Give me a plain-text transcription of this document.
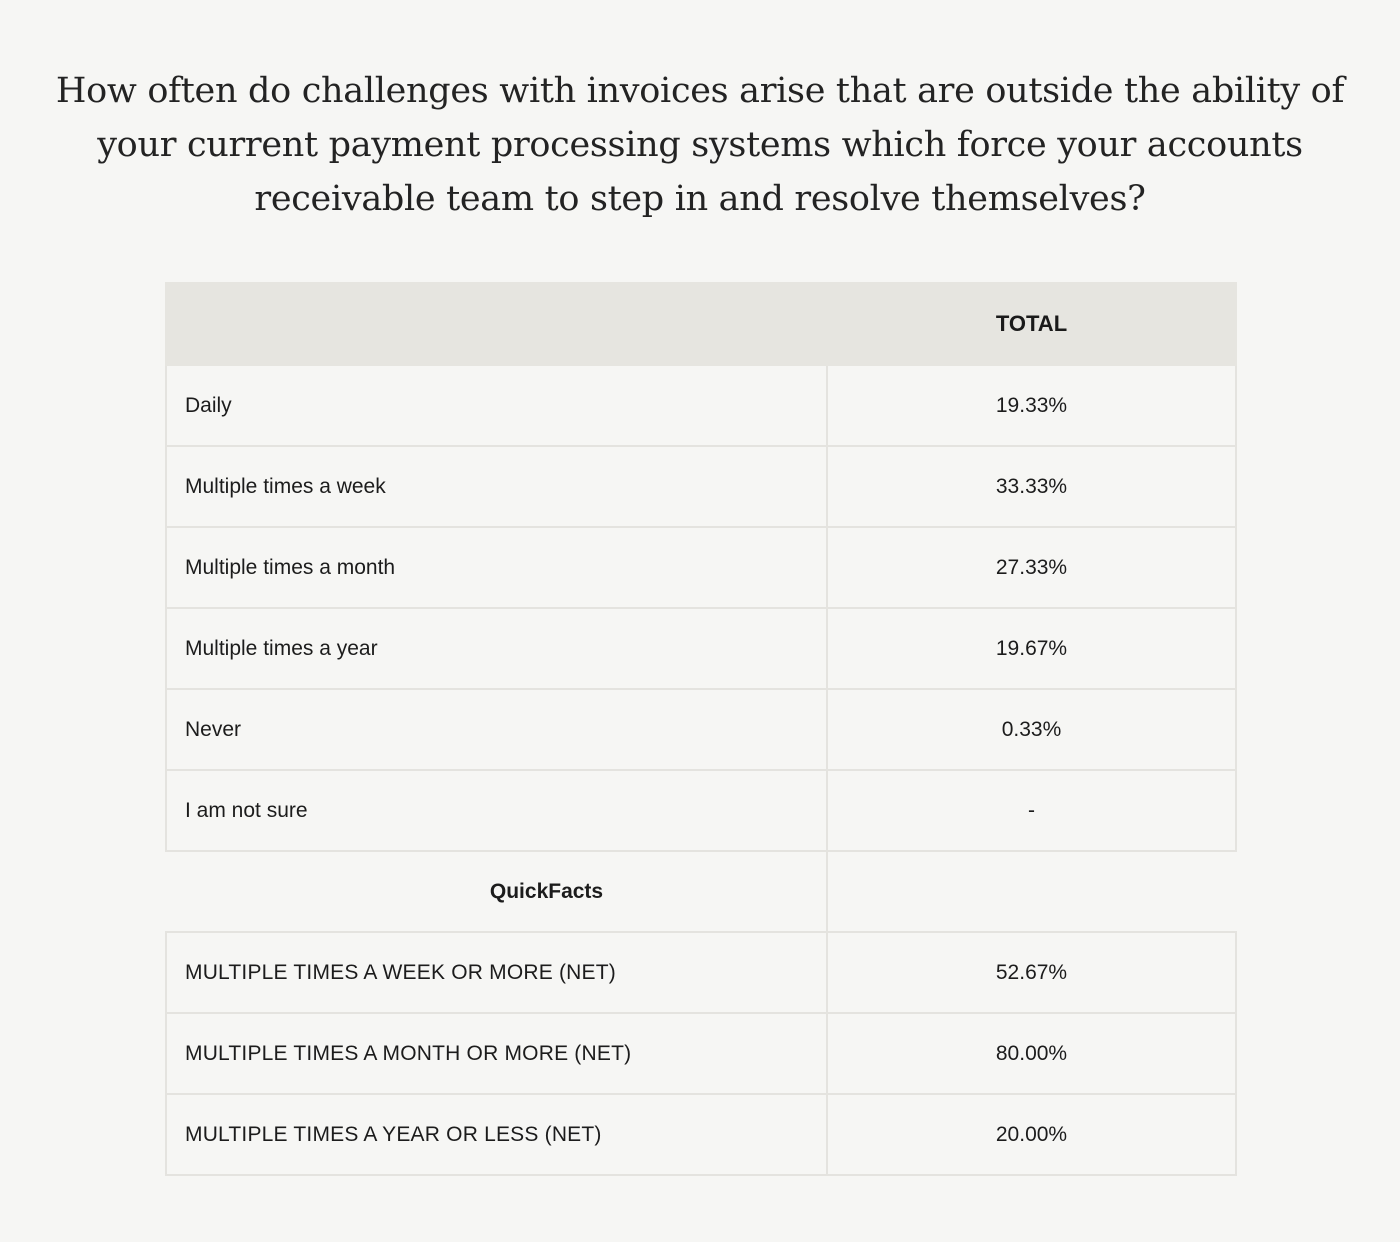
How often do challenges with invoices arise that are outside the ability of your current payment processing systems which force your accounts receivable team to step in and resolve themselves?
	TOTAL
Daily	19.33%
Multiple times a week	33.33%
Multiple times a month	27.33%
Multiple times a year	19.67%
Never	0.33%
I am not sure	-
QuickFacts	
MULTIPLE TIMES A WEEK OR MORE (NET)	52.67%
MULTIPLE TIMES A MONTH OR MORE (NET)	80.00%
MULTIPLE TIMES A YEAR OR LESS (NET)	20.00%
